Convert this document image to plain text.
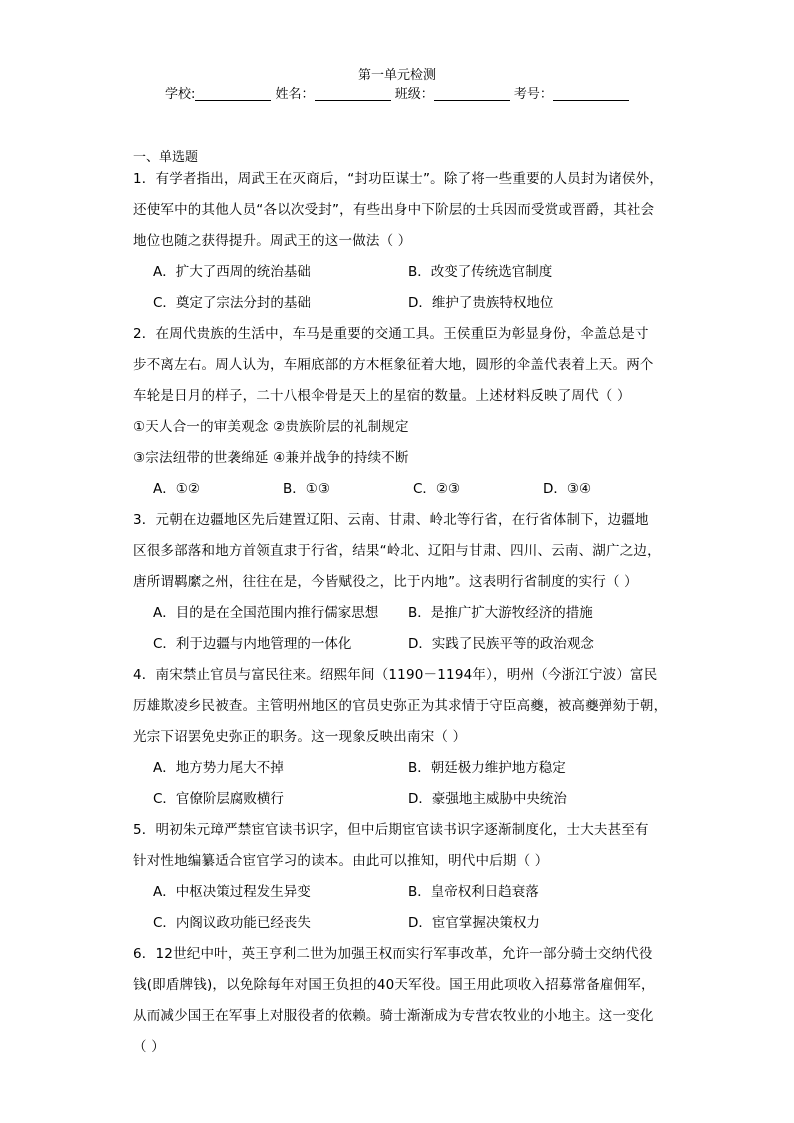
第一单元检测
学校:	姓名：	班级：	考号：
一、单选题

1．有学者指出，周武王在灭商后，“封功臣谋士”。除了将一些重要的人员封为诸侯外，

还使军中的其他人员“各以次受封”，有些出身中下阶层的士兵因而受赏或晋爵，其社会

地位也随之获得提升。周武王的这一做法（ ）

A．扩大了西周的统治基础	B．改变了传统选官制度
C．奠定了宗法分封的基础	D．维护了贵族特权地位

2．在周代贵族的生活中，车马是重要的交通工具。王侯重臣为彰显身份，伞盖总是寸

步不离左右。周人认为，车厢底部的方木框象征着大地，圆形的伞盖代表着上天。两个

车轮是日月的样子，二十八根伞骨是天上的星宿的数量。上述材料反映了周代（ ）

①天人合一的审美观念 ②贵族阶层的礼制规定

③宗法纽带的世袭绵延 ④兼并战争的持续不断

A．①②	B．①③	C．②③	D．③④

3．元朝在边疆地区先后建置辽阳、云南、甘肃、岭北等行省，在行省体制下，边疆地

区很多部落和地方首领直隶于行省，结果“岭北、辽阳与甘肃、四川、云南、湖广之边，

唐所谓羁縻之州，往往在是，今皆赋役之，比于内地”。这表明行省制度的实行（ ）

A．目的是在全国范围内推行儒家思想	B．是推广扩大游牧经济的措施
C．利于边疆与内地管理的一体化	D．实践了民族平等的政治观念

4．南宋禁止官员与富民往来。绍熙年间（1190－1194年），明州（今浙江宁波）富民

厉雄欺凌乡民被查。主管明州地区的官员史弥正为其求情于守臣高夔，被高夔弹劾于朝，

光宗下诏罢免史弥正的职务。这一现象反映出南宋（ ）

A．地方势力尾大不掉	B．朝廷极力维护地方稳定
C．官僚阶层腐败横行	D．豪强地主威胁中央统治

5．明初朱元璋严禁宦官读书识字，但中后期宦官读书识字逐渐制度化，士大夫甚至有

针对性地编纂适合宦官学习的读本。由此可以推知，明代中后期（ ）

A．中枢决策过程发生异变	B．皇帝权利日趋衰落
C．内阁议政功能已经丧失	D．宦官掌握决策权力

6．12世纪中叶，英王亨利二世为加强王权而实行军事改革，允许一部分骑士交纳代役

钱(即盾牌钱)，以免除每年对国王负担的40天军役。国王用此项收入招募常备雇佣军，

从而减少国王在军事上对服役者的依赖。骑士渐渐成为专营农牧业的小地主。这一变化

（ ）
